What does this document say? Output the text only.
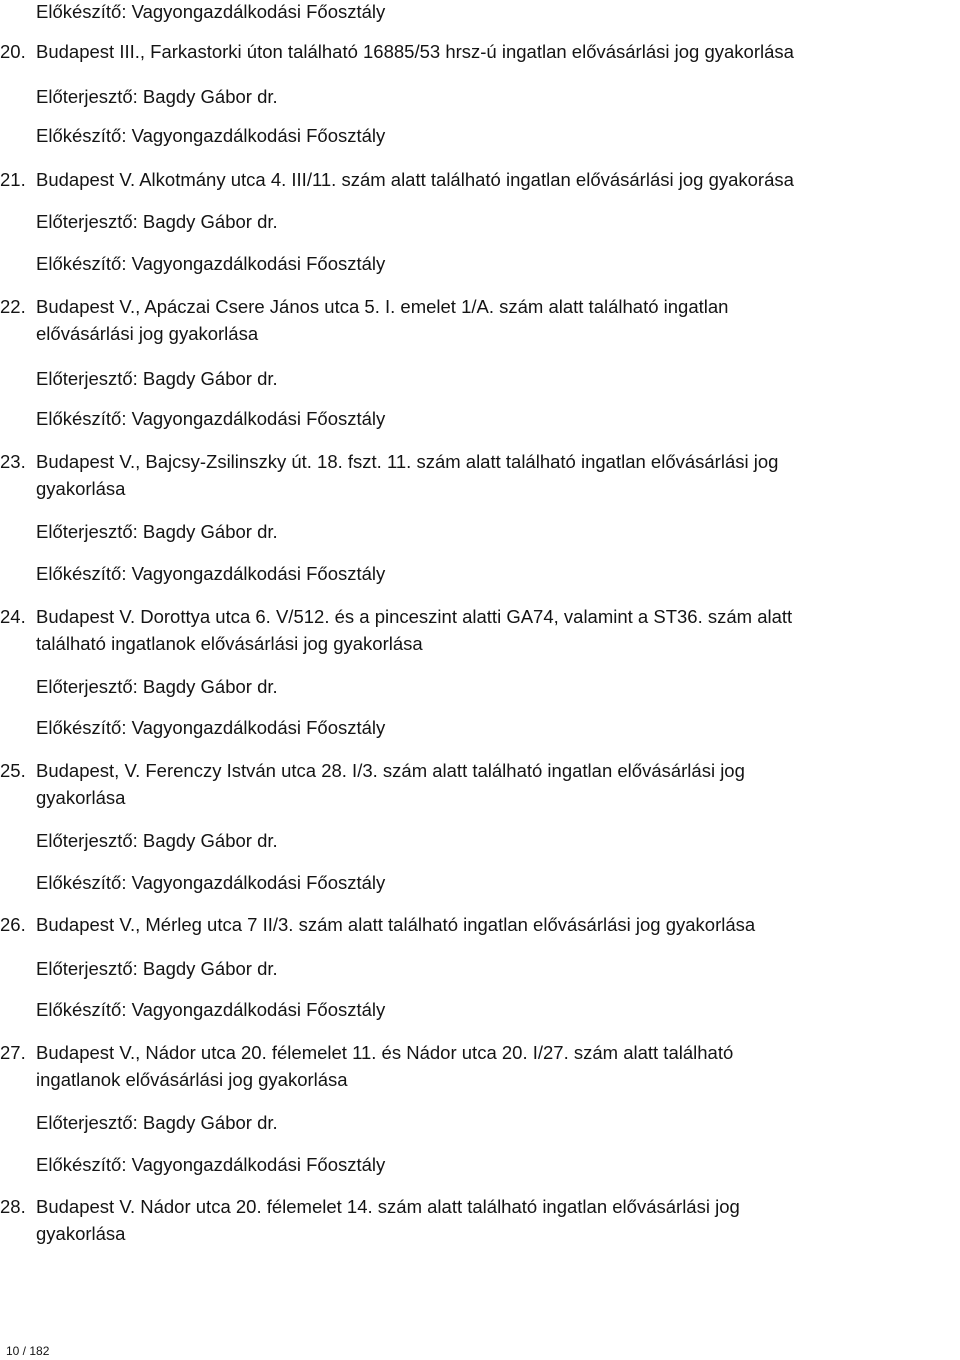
Előkészítő: Vagyongazdálkodási Főosztály
20. Budapest III., Farkastorki úton található 16885/53 hrsz-ú ingatlan elővásárlási jog gyakorlása
Előterjesztő: Bagdy Gábor dr.
Előkészítő: Vagyongazdálkodási Főosztály
21. Budapest V. Alkotmány utca 4. III/11. szám alatt található ingatlan elővásárlási jog gyakorása
Előterjesztő: Bagdy Gábor dr.
Előkészítő: Vagyongazdálkodási Főosztály
22. Budapest V., Apáczai Csere János utca 5. I. emelet 1/A. szám alatt található ingatlan
elővásárlási jog gyakorlása
Előterjesztő: Bagdy Gábor dr.
Előkészítő: Vagyongazdálkodási Főosztály
23. Budapest V., Bajcsy-Zsilinszky út. 18. fszt. 11. szám alatt található ingatlan elővásárlási jog
gyakorlása
Előterjesztő: Bagdy Gábor dr.
Előkészítő: Vagyongazdálkodási Főosztály
24. Budapest V. Dorottya utca 6. V/512. és a pinceszint alatti GA74, valamint a ST36. szám alatt
található ingatlanok elővásárlási jog gyakorlása
Előterjesztő: Bagdy Gábor dr.
Előkészítő: Vagyongazdálkodási Főosztály
25. Budapest, V. Ferenczy István utca 28. I/3. szám alatt található ingatlan elővásárlási jog
gyakorlása
Előterjesztő: Bagdy Gábor dr.
Előkészítő: Vagyongazdálkodási Főosztály
26. Budapest V., Mérleg utca 7 II/3. szám alatt található ingatlan elővásárlási jog gyakorlása
Előterjesztő: Bagdy Gábor dr.
Előkészítő: Vagyongazdálkodási Főosztály
27. Budapest V., Nádor utca 20. félemelet 11. és Nádor utca 20. I/27. szám alatt található
ingatlanok elővásárlási jog gyakorlása
Előterjesztő: Bagdy Gábor dr.
Előkészítő: Vagyongazdálkodási Főosztály
28. Budapest V. Nádor utca 20. félemelet 14. szám alatt található ingatlan elővásárlási jog
gyakorlása
10 / 182
